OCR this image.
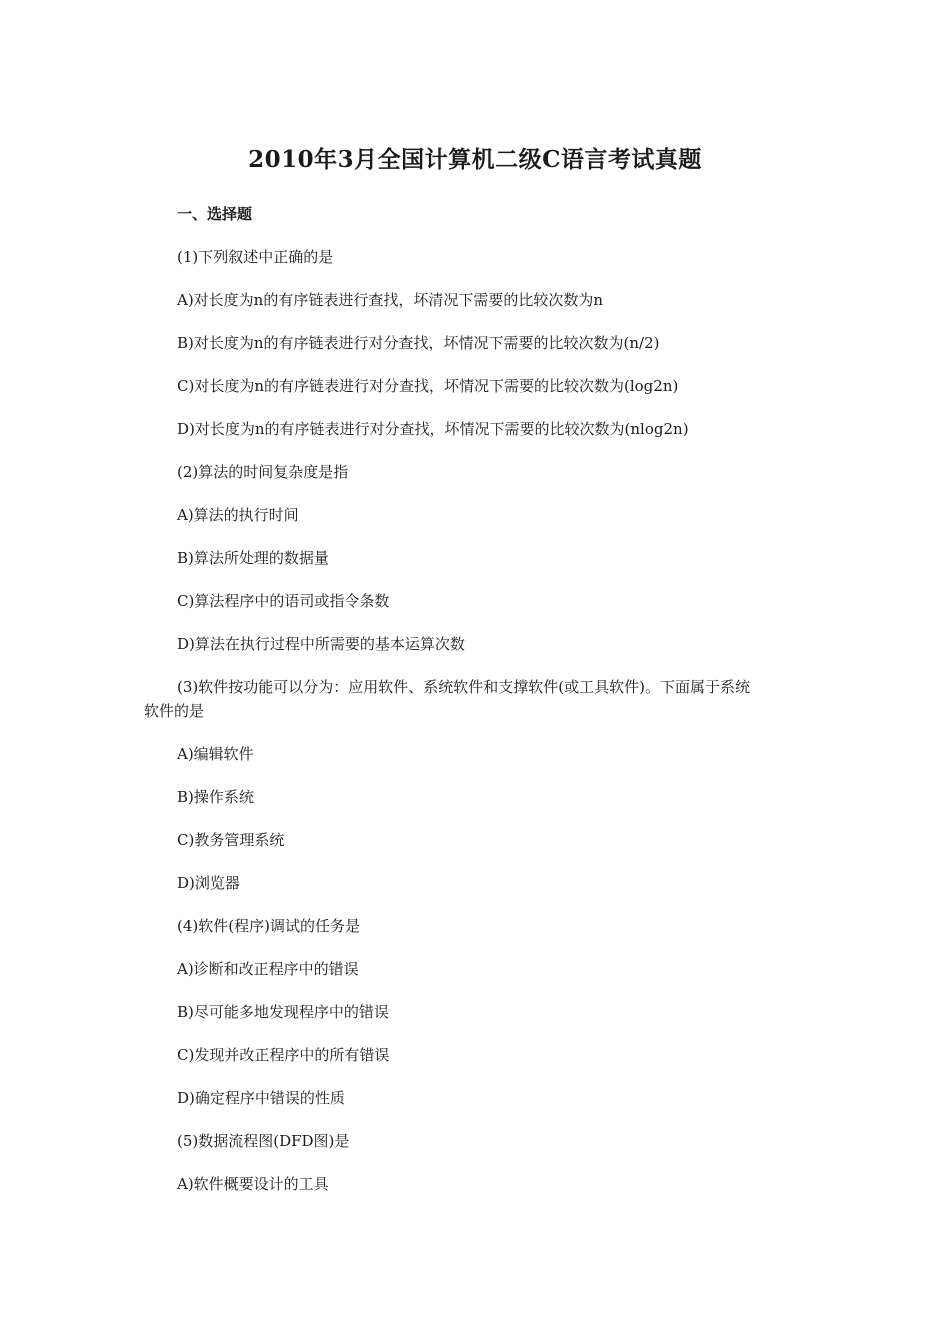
2010年3月全国计算机二级C语言考试真题
一、选择题
(1)下列叙述中正确的是
A)对长度为n的有序链表进行查找，坏清况下需要的比较次数为n
B)对长度为n的有序链表进行对分查找，坏情况下需要的比较次数为(n/2)
C)对长度为n的有序链表进行对分查找，坏情况下需要的比较次数为(log2n)
D)对长度为n的有序链表进行对分查找，坏情况下需要的比较次数为(nlog2n)
(2)算法的时间复杂度是指
A)算法的执行时间
B)算法所处理的数据量
C)算法程序中的语司或指令条数
D)算法在执行过程中所需要的基本运算次数
(3)软件按功能可以分为：应用软件、系统软件和支撑软件(或工具软件)。下面属于系统
软件的是
A)编辑软件
B)操作系统
C)教务管理系统
D)浏览器
(4)软件(程序)调试的任务是
A)诊断和改正程序中的错误
B)尽可能多地发现程序中的错误
C)发现并改正程序中的所有错误
D)确定程序中错误的性质
(5)数据流程图(DFD图)是
A)软件概要设计的工具
